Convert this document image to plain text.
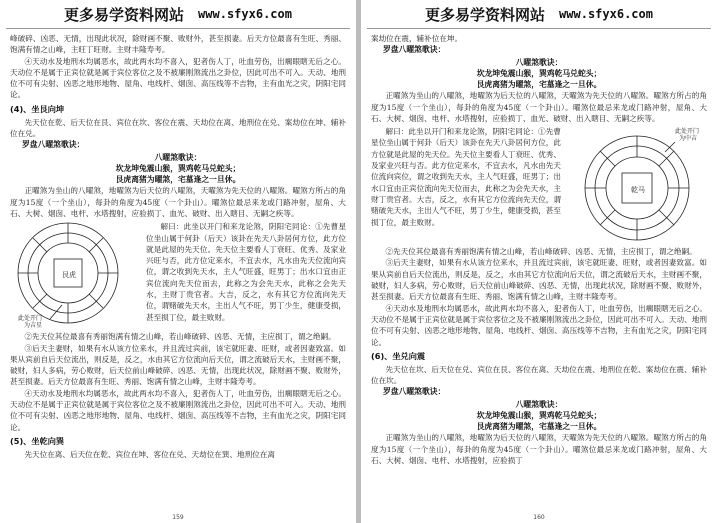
更多易学资料网站 www.sfyx6.com

峰破碎、凶恶、无情，出现此状况，除财画不聚、败财外，甚至损妻。后天方位最喜有生旺、秀丽、饱满有情之山峰，主旺丁旺财。主财丰隆寿考。

④天动水及地刑水均属恶水，故此两水均不喜入，犯者伤人丁，吐血劳伤，出瘸眼瞎无后之心。天动位不是属于正宾位就是属于宾位客位之及不被廉刚煞流出之卦位，因此可出不可入。天动、地刑位不可有尖射、凶恶之地形地物、屋角、电线杆、烟囱、高压线等不吉物，主有血光之灾，阴阳宅同论。

(4)、坐艮向坤

先天位在乾、后天位在艮、宾位在坎、客位在震、天劫位在离、地刑位在兑、案劫位在坤、辅补位在兑。

罗盘八曜煞歌诀：
八曜煞歌诀：
坎龙坤兔震山猴，巽鸡乾马兑蛇头；
艮虎离猪为曜煞，宅墓逢之一旦休。

正曜煞为坐山的八曜煞，地曜煞为后天位的八曜煞，天曜煞为先天位的八曜煞。曜煞方所占的角度为15度（一个坐山），每卦的角度为45度（一个卦山）。曜煞位最忌来龙或门路冲射，屋角、大石、大树、烟囱、电杆、水塔搜射，应验损丁、血光、破财、出入瞎目、无嗣之疾等。

艮虎
此处开门
为吉星

解曰：此坐以开门和来龙论煞，阴阳宅同论：①先曹星位坐山属于何卦（后天）该卦在先天八卦居何方位，此方位就是此屋的先天位。先天位主要看人丁衰旺、优秀、及家业兴旺与否，此方位定来水，不宜去水，凡水由先天位流向宾位，谓之收到先天水，主人气旺盛，旺男丁；出水口宜由正宾位流向先天位而去，此称之为会先天水，此称之会先天水，主财丁贵官者。大吉，反之，水有其它方位流向先天位，谓赌破先天水，主出人气不旺，男丁少生，健康受损，甚至损丁位，最主败财。

②先天位其位最喜有秀丽饱满有情之山峰，若山峰破碎、凶恶、无情，主应损丁，谓之绝嗣。

③后天主妻财，如果有水从该方位来水，并且流过宾前，该宅就旺妻、旺财，或者因妻致富。如果从宾前自后天位流出，则反是，反之，水由其它方位流向后天位，谓之流破后天水，主财画不聚，破财，妇人多病，劳心败财，后天位前山峰破碎、凶恶、无情，出现此状况，除财画不聚、败财外，甚至损妻。后天方位最喜有生旺、秀丽、饱满有情之山峰，主财丰隆寿考。

④天动水及地刑水均属恶水，故此两水均不喜入，犯者伤人丁，吐血劳伤，出瘸眼瞎无后之心。天动位不是属于正宾位就是属于宾位客位之及不被廉刚煞流出之卦位，因此可出不可入。天动、地刑位不可有尖射、凶恶之地形地物、屋角、电线杆、烟囱、高压线等不吉物，主有血光之灾，阴阳宅同论。

(5)、坐乾向巽

先天位在离、后天位在乾、宾位在坤、客位在兑、天劫位在巽、地刑位在离

159
更多易学资料网站 www.sfyx6.com

案劫位在震，辅补位在坤。

罗盘八曜煞歌诀：
八曜煞歌诀：
坎龙坤兔震山猴，巽鸡乾马兑蛇头；
艮虎离猪为曜煞，宅墓逢之一旦休。

正曜煞为坐山的八曜煞，地曜煞为后天位的八曜煞，天曜煞为先天位的八曜煞。曜煞方所占的角度为15度（一个坐山），每卦的角度为45度（一个卦山）。曜煞位最忌来龙或门路冲射，屋角、大石、大树、烟囱、电杆、水塔搜射，应验损丁、血光、破财、出入瞎目、无嗣之疾等。

解曰：此坐以开门和来龙论煞，阴阳宅同论：①先曹星位坐山属于何卦（后天）该卦在先天八卦居何方位，此方位就是此屋的先天位。先天位主要看人丁衰旺、优秀、及家业兴旺与否。此方位定来水，不宜去水，凡水由先天位流向宾位，谓之收到先天水，主人气旺盛，旺男丁；出水口宜由正宾位流向先天位而去，此称之为会先天水，主财丁贵官者。大吉，反之，水有其它方位流向先天位，谓赌破先天水，主出人气不旺，男丁少生，健康受损，甚至损丁位，最主败财。

乾马
此处开门
为中吉

②先天位其位最喜有秀丽饱满有情之山峰，若山峰破碎、凶恶、无情，主应损丁，谓之绝嗣。

③后天主妻财，如果有水从该方位来水，并且流过宾前，该宅就旺妻、旺财，或者因妻致富。如果从宾前自后天位流出，则反是，反之，水由其它方位流向后天位，谓之流破后天水，主财画不聚，破财，妇人多病，劳心败财，后天位前山峰破碎、凶恶、无情，出现此状况，除财画不聚、败财外，甚至损妻。后天方位最喜有生旺、秀丽、饱满有情之山峰，主财丰隆寿考。

④天动水及地刑水均属恶水，故此两水均不喜入，犯者伤人丁，吐血劳伤，出瘸眼瞎无后之心。天动位不是属于正宾位就是属于宾位客位之及不被廉刚煞流出之卦位，因此可出不可入。天动、地刑位不可有尖射、凶恶之地形地物、屋角、电线杆、烟囱、高压线等不吉物，主有血光之灾，阴阳宅同论。

(6)、坐兑向震

先天位在坎、后天位在兑、宾位在艮、客位在离、天劫位在震、地刑位在乾、案劫位在震、辅补位在坎。

罗盘八曜煞歌诀：
八曜煞歌诀：
坎龙坤兔震山猴，巽鸡乾马兑蛇头；
艮虎离猪为曜煞，宅墓逢之一旦休。

正曜煞为坐山的八曜煞，地曜煞为后天位的八曜煞，天曜煞为先天位的八曜煞。曜煞方所占的角度为15度（一个坐山），每卦的角度为45度（一个卦山）。曜煞位最忌来龙或门路冲射，屋角、大石、大树、烟囱、电杆、水塔搜射，应验损丁

160
